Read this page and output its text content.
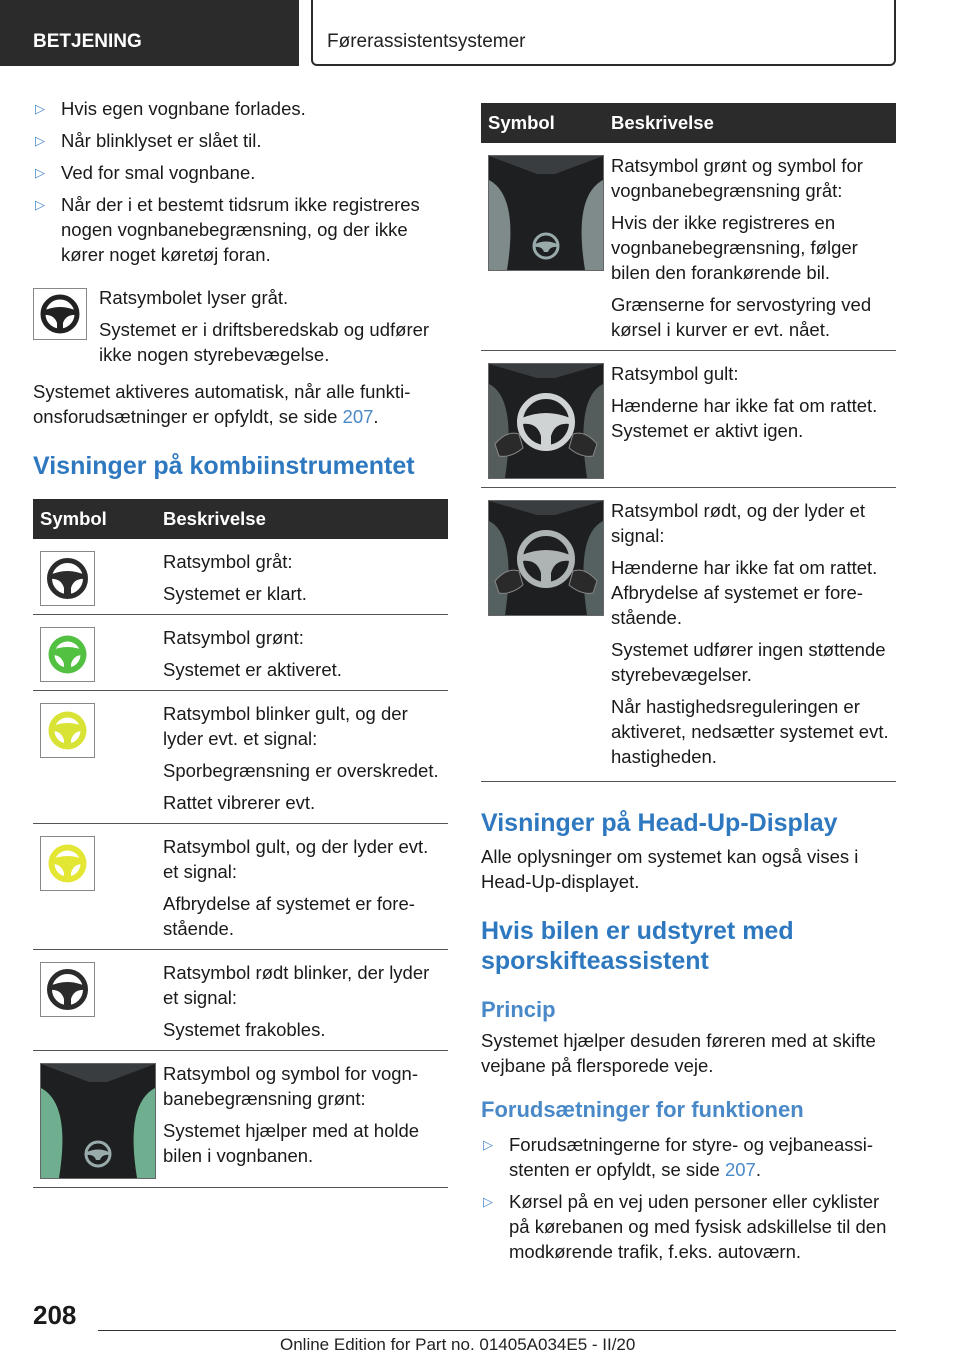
BETJENING	Førerassistentsystemer
▷ Hvis egen vognbane forlades.
▷ Når blinklyset er slået til.
▷ Ved for smal vognbane.
▷ Når der i et bestemt tidsrum ikke registreres nogen vognbanebegrænsning, og der ikke kører noget køretøj foran.
Ratsymbolet lyser gråt.
Systemet er i driftsberedskab og udfører ikke nogen styrebevægelse.
Systemet aktiveres automatisk, når alle funktionsforudsætninger er opfyldt, se side 207.
Visninger på kombiinstrumentet
Symbol	Beskrivelse

Ratsymbol gråt:
Systemet er klart.

Ratsymbol grønt:
Systemet er aktiveret.

Ratsymbol blinker gult, og der lyder evt. et signal:
Sporbegrænsning er overskredet.
Rattet vibrerer evt.

Ratsymbol gult, og der lyder evt. et signal:
Afbrydelse af systemet er forestående.

Ratsymbol rødt blinker, der lyder et signal:
Systemet frakobles.

Ratsymbol og symbol for vognbanebegrænsning grønt:
Systemet hjælper med at holde bilen i vognbanen.
Symbol	Beskrivelse

Ratsymbol grønt og symbol for vognbanebegrænsning gråt:
Hvis der ikke registreres en vognbanebegrænsning, følger bilen den forankørende bil.
Grænserne for servostyring ved kørsel i kurver er evt. nået.

Ratsymbol gult:
Hænderne har ikke fat om rattet. Systemet er aktivt igen.

Ratsymbol rødt, og der lyder et signal:
Hænderne har ikke fat om rattet. Afbrydelse af systemet er forestående.
Systemet udfører ingen støttende styrebevægelser.
Når hastighedsreguleringen er aktiveret, nedsætter systemet evt. hastigheden.
Visninger på Head-Up-Display
Alle oplysninger om systemet kan også vises i Head-Up-displayet.
Hvis bilen er udstyret med sporskifteassistent
Princip
Systemet hjælper desuden føreren med at skifte vejbane på flersporede veje.
Forudsætninger for funktionen
▷ Forudsætningerne for styre- og vejbaneassistenten er opfyldt, se side 207.
▷ Kørsel på en vej uden personer eller cyklister på kørebanen og med fysisk adskillelse til den modkørende trafik, f.eks. autoværn.
208
Online Edition for Part no. 01405A034E5 - II/20
